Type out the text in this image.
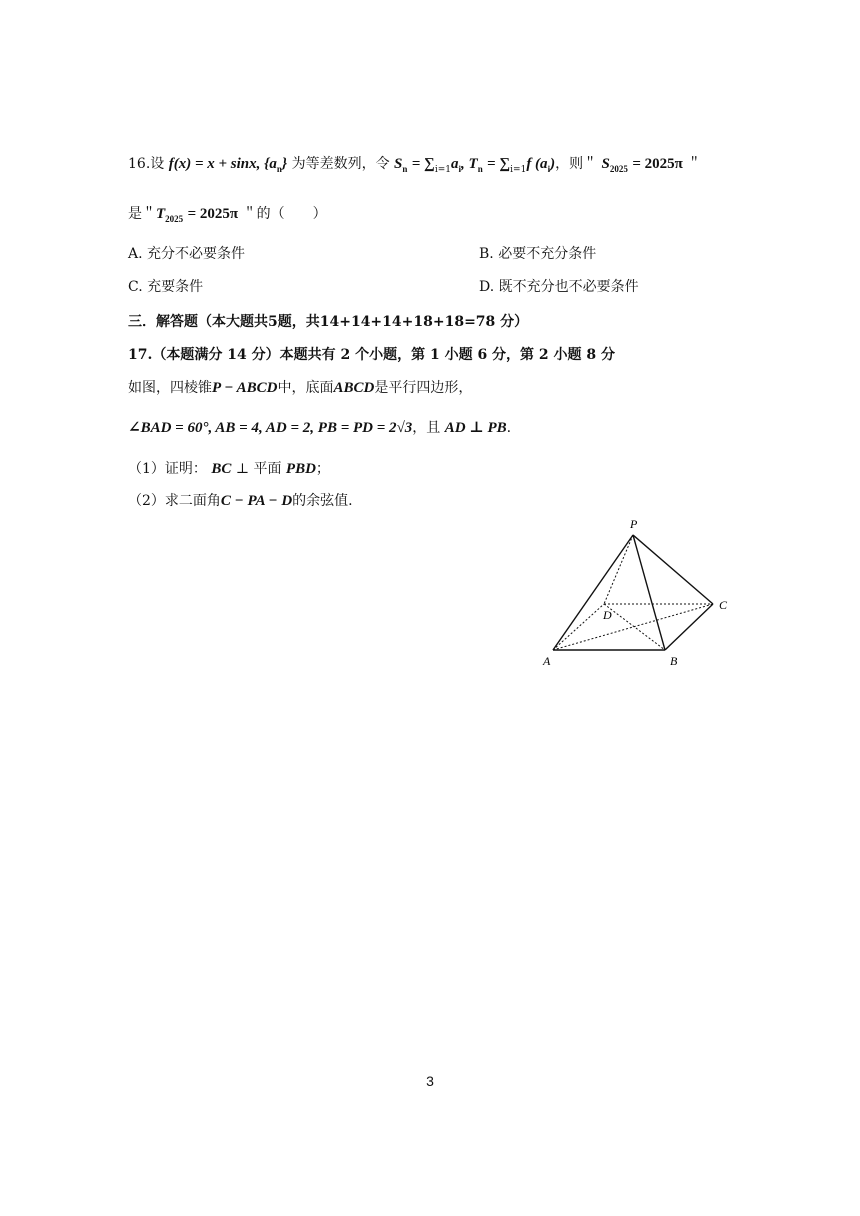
16.设 f(x) = x + sinx, $\{a_n\}$ 为等差数列，令 $S_n = \sum_{i=1}a_i$, $T_n = \sum_{i=1}f$ $(a_i)$，则＂ $S_{2025} = 2025\pi$ ＂
是＂$T_{2025} = 2025\pi$ ＂的（　　）
A. 充分不必要条件	B. 必要不充分条件
C. 充要条件	D. 既不充分也不必要条件
三．解答题（本大题共5题，共14+14+14+18+18=78 分）
17.（本题满分 14 分）本题共有 2 个小题，第 1 小题 6 分，第 2 小题 8 分
如图，四棱锥P − ABCD中，底面ABCD是平行四边形，
∠BAD = 60°, AB = 4, AD = 2, PB = PD = 2√3，且 AD ⊥ PB.
（1）证明： BC ⊥ 平面 PBD；
（2）求二面角C − PA − D的余弦值.
P
A	B
C
D
3
